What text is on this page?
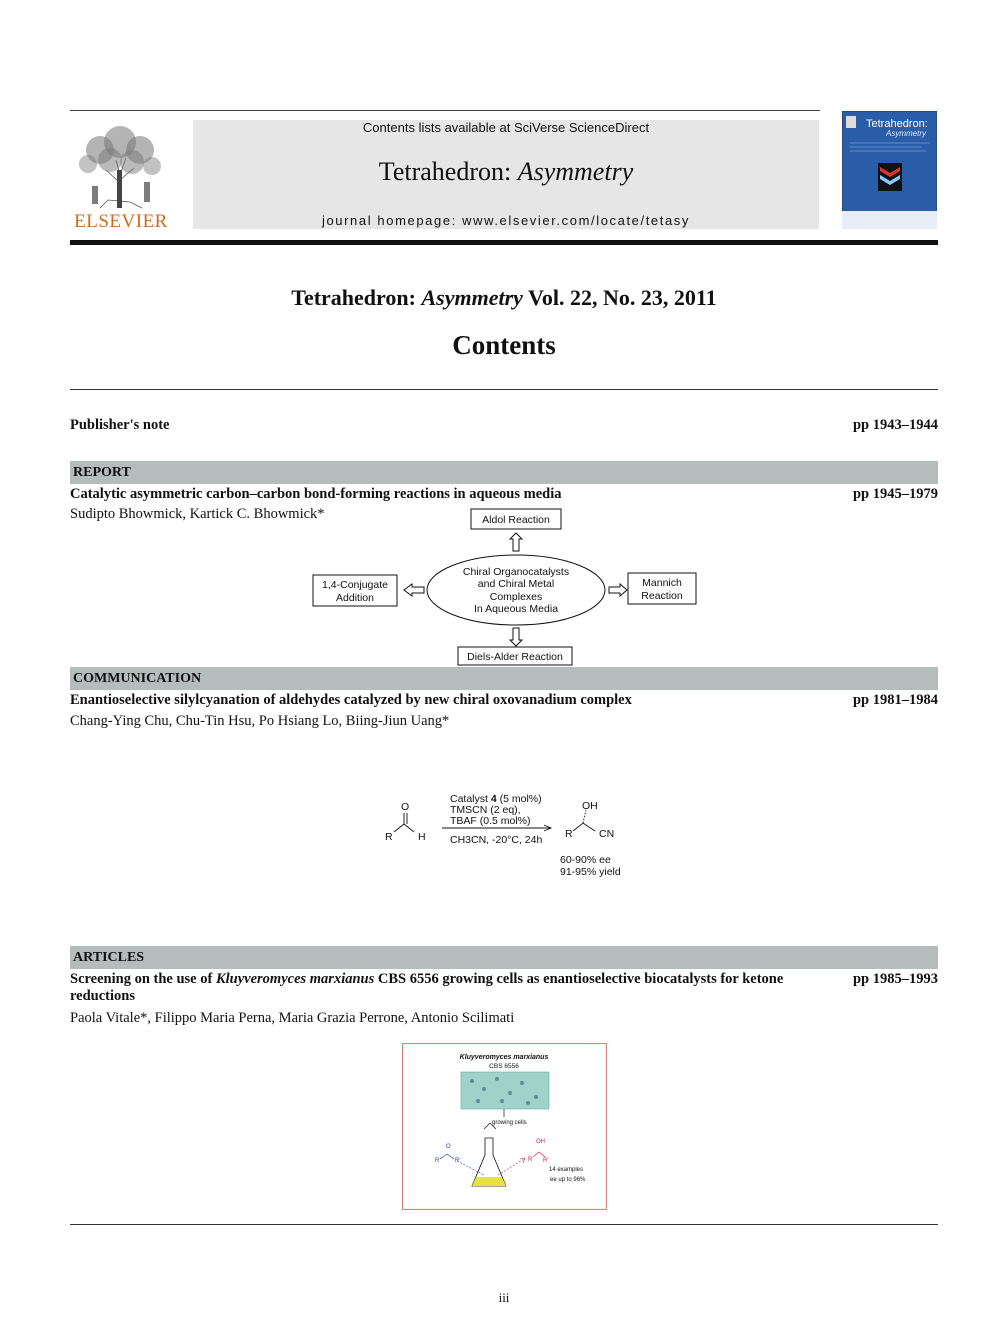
ELSEVIER
Contents lists available at SciVerse ScienceDirect
Tetrahedron: Asymmetry
journal homepage: www.elsevier.com/locate/tetasy
Tetrahedron:
Asymmetry
Tetrahedron: Asymmetry Vol. 22, No. 23, 2011
Contents
Publisher's note	pp 1943–1944
REPORT
Catalytic asymmetric carbon–carbon bond-forming reactions in aqueous media	pp 1945–1979
Sudipto Bhowmick, Kartick C. Bhowmick*	Aldol Reaction
Chiral Organocatalysts
and Chiral Metal
Complexes
In Aqueous Media
1,4-Conjugate
Addition
Mannich
Reaction
Diels-Alder Reaction
COMMUNICATION
Enantioselective silylcyanation of aldehydes catalyzed by new chiral oxovanadium complex	pp 1981–1984
Chang-Ying Chu, Chu-Tin Hsu, Po Hsiang Lo, Biing-Jiun Uang*
O
R H
Catalyst 4 (5 mol%)
TMSCN (2 eq),
TBAF (0.5 mol%)
CH3CN, -20°C, 24h
OH
R	CN
60-90% ee
91-95% yield
ARTICLES
Screening on the use of Kluyveromyces marxianus CBS 6556 growing cells as enantioselective biocatalysts for ketone
reductions
pp 1985–1993
Paola Vitale*, Filippo Maria Perna, Maria Grazia Perrone, Antonio Scilimati
Kluyveromyces marxianus
CBS 6556
growing cells
R	R'
O
R R'
OH
14 examples
ee up to 96%
iii
